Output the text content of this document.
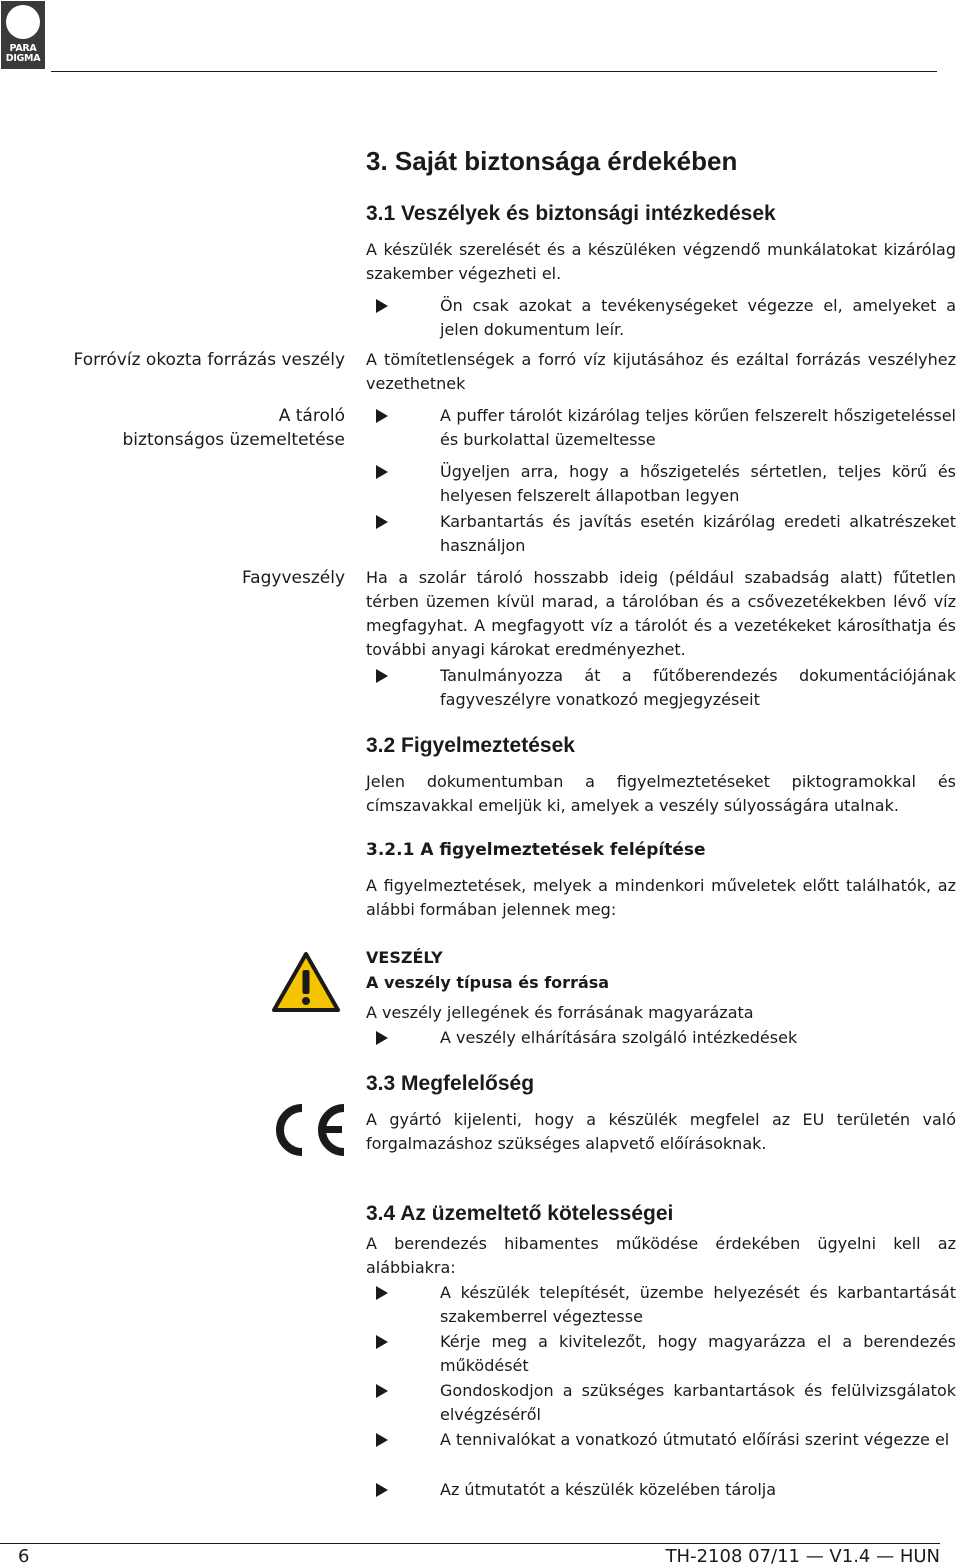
PARA
DIGMA
3. Saját biztonsága érdekében
3.1 Veszélyek és biztonsági intézkedések
A készülék szerelését és a készüléken végzendő munkálatokat kizárólag szakember végezheti el.
Ön csak azokat a tevékenységeket végezze el, amelyeket a jelen dokumentum leír.
Forróvíz okozta forrázás veszély
A tároló
biztonságos üzemeltetése
Fagyveszély
A tömítetlenségek a forró víz kijutásához és ezáltal forrázás veszélyhez vezethetnek
A puffer tárolót kizárólag teljes körűen felszerelt hőszigeteléssel és burkolattal üzemeltesse
Ügyeljen arra, hogy a hőszigetelés sértetlen, teljes körű és helyesen felszerelt állapotban legyen
Karbantartás és javítás esetén kizárólag eredeti alkatrészeket használjon
Ha a szolár tároló hosszabb ideig (például szabadság alatt) fűtetlen térben üzemen kívül marad, a tárolóban és a csővezetékekben lévő víz megfagyhat. A megfagyott víz a tárolót és a vezetékeket károsíthatja és további anyagi károkat eredményezhet.
Tanulmányozza át a fűtőberendezés dokumentációjának fagyveszélyre vonatkozó megjegyzéseit
3.2 Figyelmeztetések
Jelen dokumentumban a figyelmeztetéseket piktogramokkal és címszavakkal emeljük ki, amelyek a veszély súlyosságára utalnak.
3.2.1 A figyelmeztetések felépítése
A figyelmeztetések, melyek a mindenkori műveletek előtt találhatók, az alábbi formában jelennek meg:
VESZÉLY
A veszély típusa és forrása
A veszély jellegének és forrásának magyarázata
A veszély elhárítására szolgáló intézkedések
3.3 Megfelelőség
A gyártó kijelenti, hogy a készülék megfelel az EU területén való forgalmazáshoz szükséges alapvető előírásoknak.
3.4 Az üzemeltető kötelességei
A berendezés hibamentes működése érdekében ügyelni kell az alábbiakra:
A készülék telepítését, üzembe helyezését és karbantartását szakemberrel végeztesse
Kérje meg a kivitelezőt, hogy magyarázza el a berendezés működését
Gondoskodjon a szükséges karbantartások és felülvizsgálatok elvégzéséről
A tennivalókat a vonatkozó útmutató előírási szerint végezze el
Az útmutatót a készülék közelében tárolja
6	TH-2108 07/11 — V1.4 — HUN
